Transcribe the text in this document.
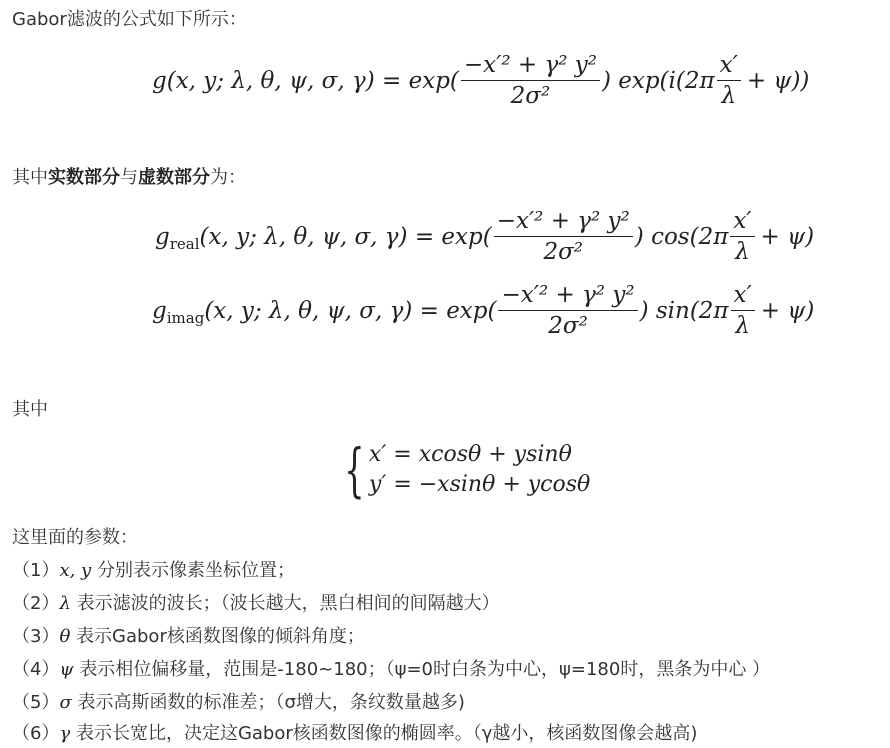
Gabor滤波的公式如下所示：
g(x, y; λ, θ, ψ, σ, $\gamma) = \exp( \frac{\text{−x′² + γ² y²}}{\text{2σ²}}$ ) $\exp(i(2\pi \frac{x'}{\lambda} + \psi))$
其中实数部分与虚数部分为：
g real (x, y; λ, θ, ψ, σ, $\gamma) = \exp( \frac{\text{−x′² + γ² y²}}{\text{2σ²}}$ ) $\cos(2\pi \frac{x'}{\lambda} + \psi)$
g imag (x, y; λ, θ, ψ, σ, $\gamma) = \exp( \frac{\text{−x′² + γ² y²}}{\text{2σ²}}$ ) $\sin(2\pi \frac{x'}{\lambda} + \psi)$
其中
{ x′ = xcosθ + ysinθ
y′ = −xsinθ + ycosθ
这里面的参数：
（1）x, y 分别表示像素坐标位置；
（2）λ 表示滤波的波长；（波长越大，黑白相间的间隔越大）
（3）θ 表示Gabor核函数图像的倾斜角度；
（4）ψ 表示相位偏移量，范围是-180~180；（ψ=0时白条为中心，ψ=180时，黑条为中心 ）
（5）σ 表示高斯函数的标准差；（σ增大，条纹数量越多)
（6）γ 表示长宽比，决定这Gabor核函数图像的椭圆率。（γ越小，核函数图像会越高)
